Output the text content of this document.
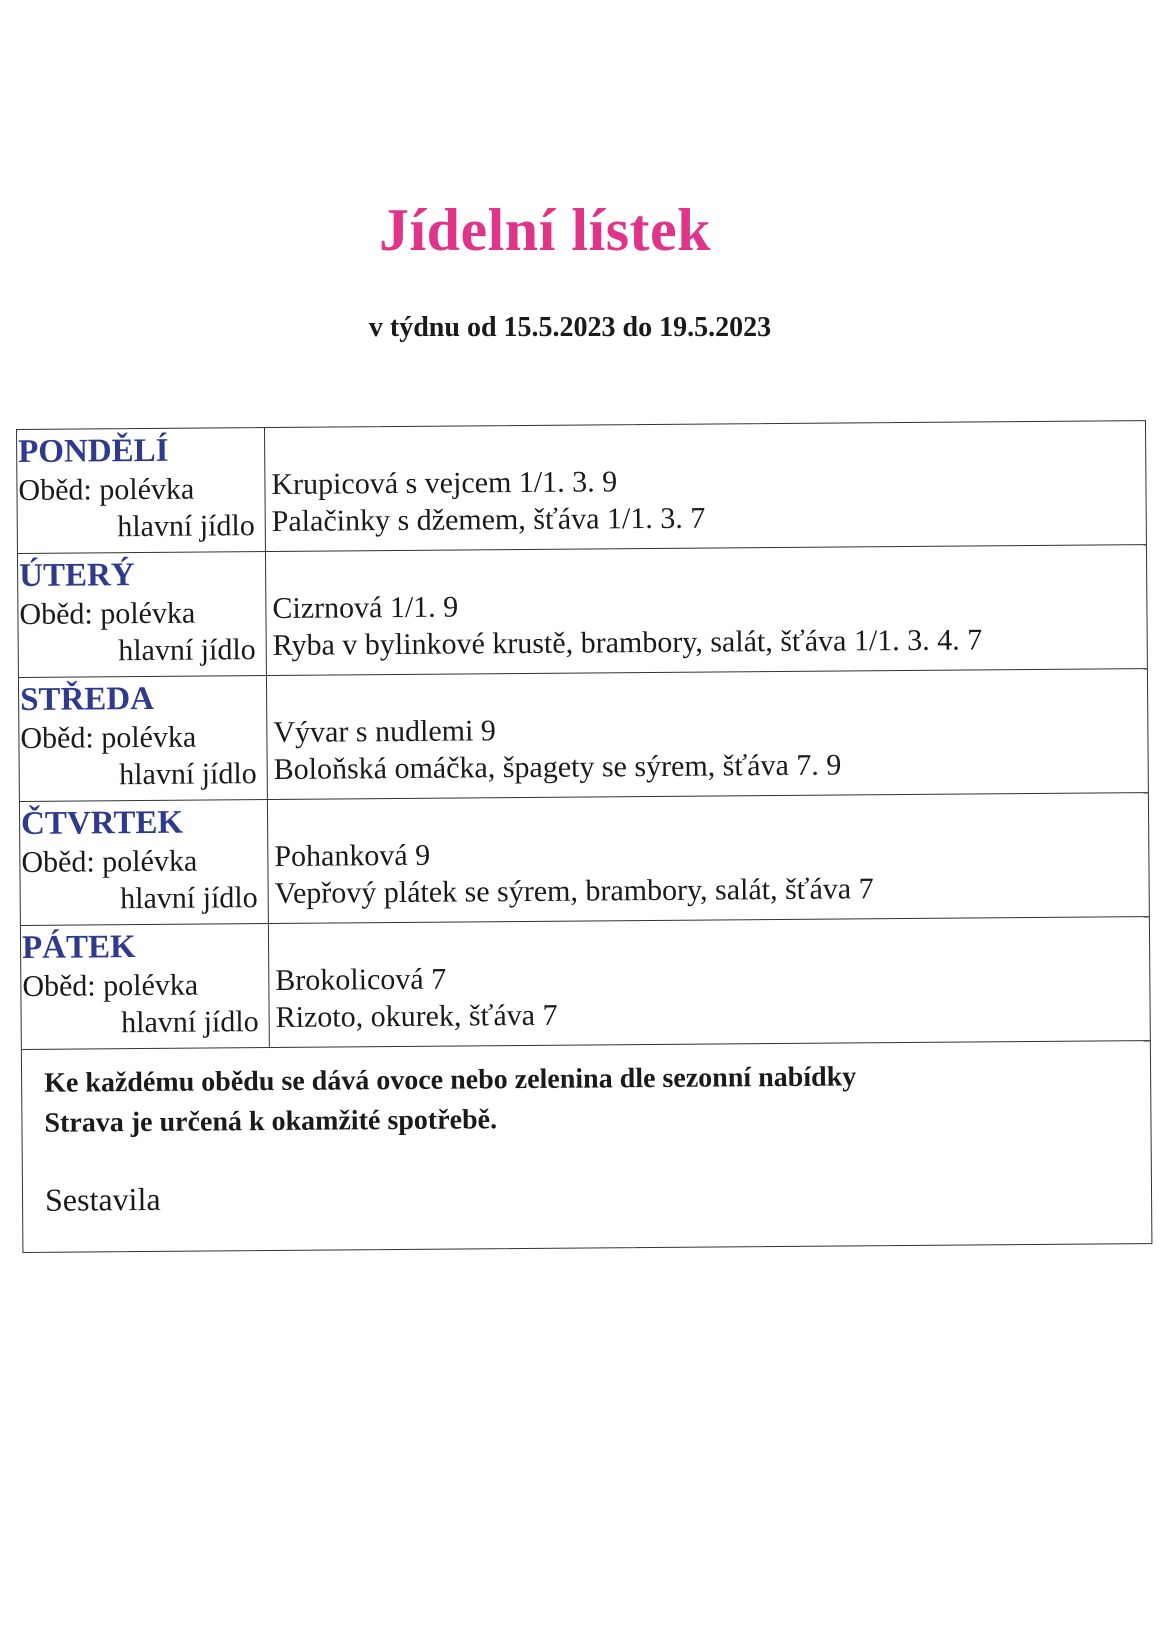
Jídelní lístek
v týdnu od 15.5.2023 do 19.5.2023
PONDĚLÍ
Oběd: polévka
hlavní jídlo
Krupicová s vejcem 1/1. 3. 9
Palačinky s džemem, šťáva 1/1. 3. 7
ÚTERÝ
Oběd: polévka
hlavní jídlo
Cizrnová 1/1. 9
Ryba v bylinkové krustě, brambory, salát, šťáva 1/1. 3. 4. 7
STŘEDA
Oběd: polévka
hlavní jídlo
Vývar s nudlemi 9
Boloňská omáčka, špagety se sýrem, šťáva 7. 9
ČTVRTEK
Oběd: polévka
hlavní jídlo
Pohanková 9
Vepřový plátek se sýrem, brambory, salát, šťáva 7
PÁTEK
Oběd: polévka
hlavní jídlo
Brokolicová 7
Rizoto, okurek, šťáva 7
Ke každému obědu se dává ovoce nebo zelenina dle sezonní nabídky
Strava je určená k okamžité spotřebě.
Sestavila
